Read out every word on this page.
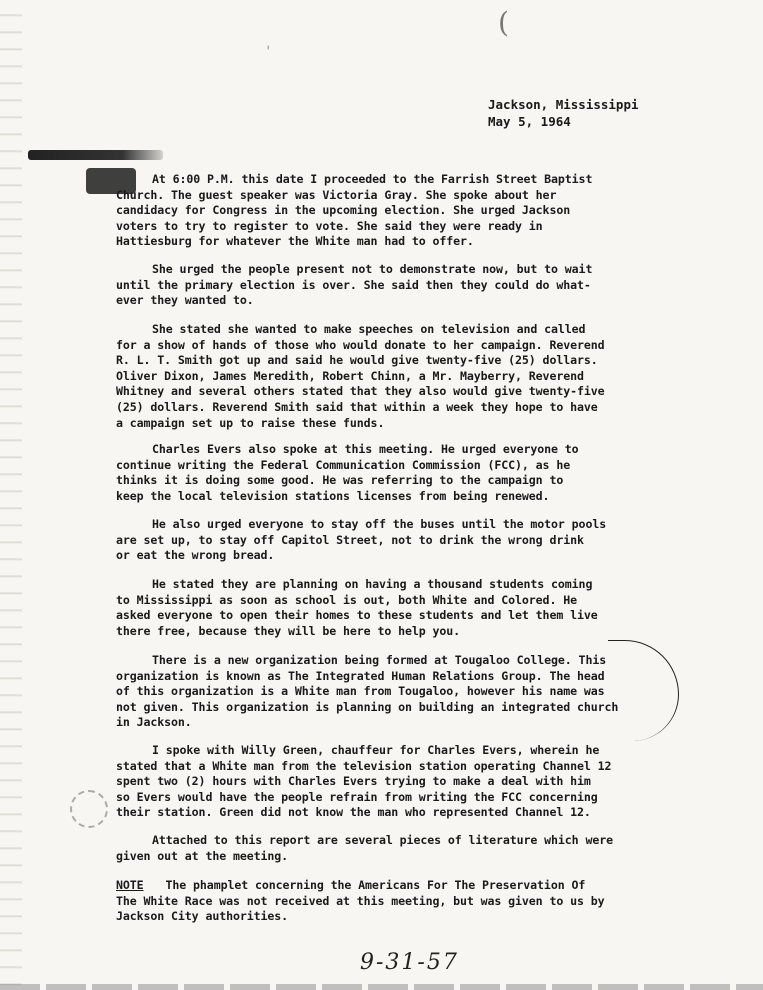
(
'
Jackson, Mississippi
May 5, 1964
At 6:00 P.M. this date I proceeded to the Farrish Street Baptist
Church. The guest speaker was Victoria Gray. She spoke about her
candidacy for Congress in the upcoming election. She urged Jackson
voters to try to register to vote. She said they were ready in
Hattiesburg for whatever the White man had to offer.
She urged the people present not to demonstrate now, but to wait
until the primary election is over. She said then they could do what-
ever they wanted to.
She stated she wanted to make speeches on television and called
for a show of hands of those who would donate to her campaign. Reverend
R. L. T. Smith got up and said he would give twenty-five (25) dollars.
Oliver Dixon, James Meredith, Robert Chinn, a Mr. Mayberry, Reverend
Whitney and several others stated that they also would give twenty-five
(25) dollars. Reverend Smith said that within a week they hope to have
a campaign set up to raise these funds.
Charles Evers also spoke at this meeting. He urged everyone to
continue writing the Federal Communication Commission (FCC), as he
thinks it is doing some good. He was referring to the campaign to
keep the local television stations licenses from being renewed.
He also urged everyone to stay off the buses until the motor pools
are set up, to stay off Capitol Street, not to drink the wrong drink
or eat the wrong bread.
He stated they are planning on having a thousand students coming
to Mississippi as soon as school is out, both White and Colored. He
asked everyone to open their homes to these students and let them live
there free, because they will be here to help you.
There is a new organization being formed at Tougaloo College. This
organization is known as The Integrated Human Relations Group. The head
of this organization is a White man from Tougaloo, however his name was
not given. This organization is planning on building an integrated church
in Jackson.
I spoke with Willy Green, chauffeur for Charles Evers, wherein he
stated that a White man from the television station operating Channel 12
spent two (2) hours with Charles Evers trying to make a deal with him
so Evers would have the people refrain from writing the FCC concerning
their station. Green did not know the man who represented Channel 12.
Attached to this report are several pieces of literature which were
given out at the meeting.
NOTE The phamplet concerning the Americans For The Preservation Of
The White Race was not received at this meeting, but was given to us by
Jackson City authorities.
9-31-57
